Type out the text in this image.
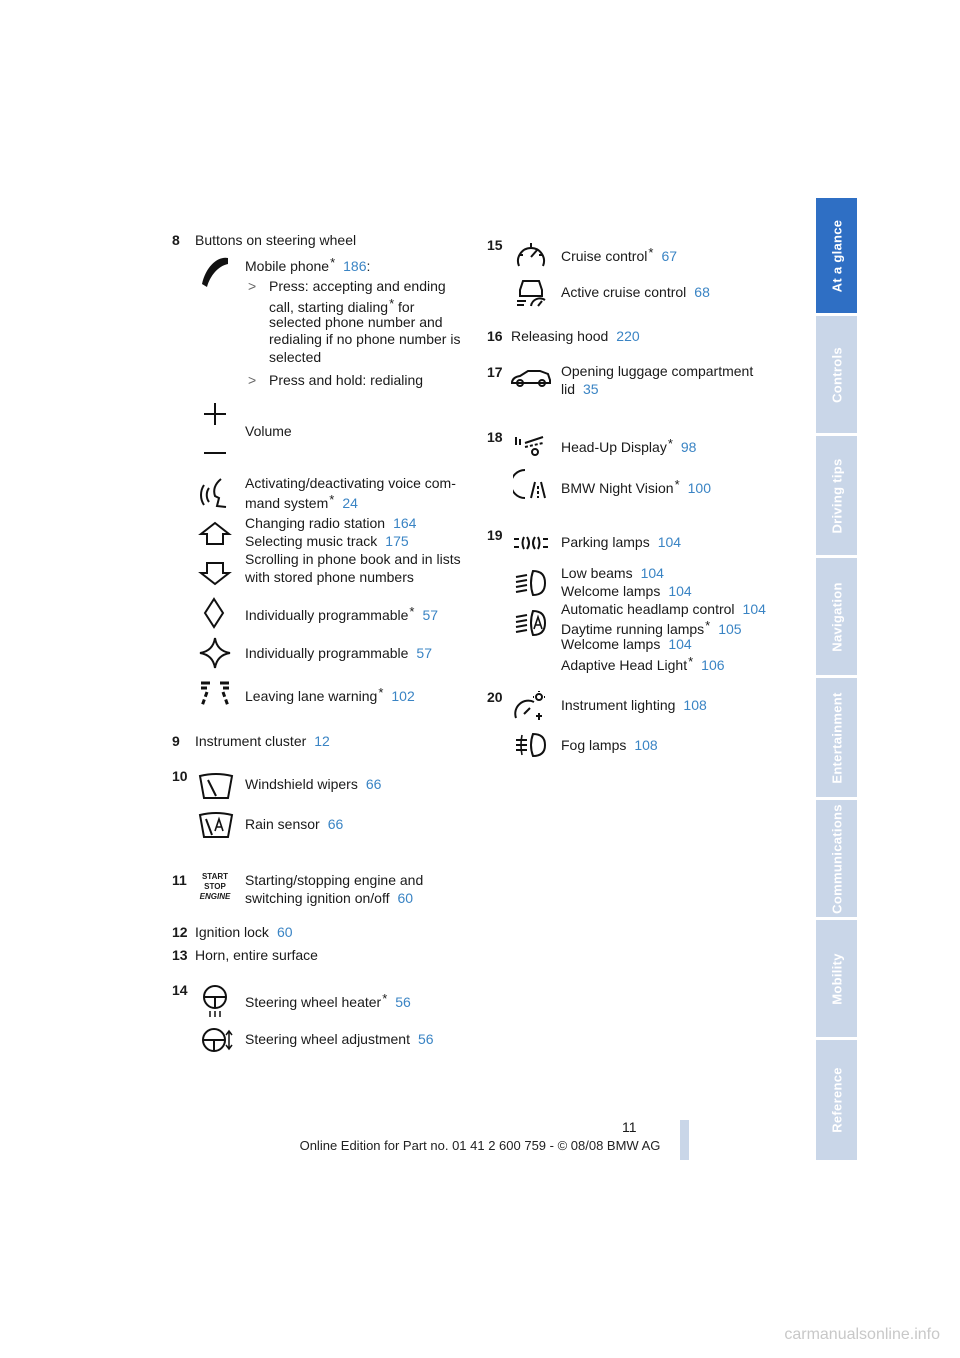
At a glance
Controls
Driving tips
Navigation
Entertainment
Communications
Mobility
Reference
8 Buttons on steering wheel
Mobile phone* 186:
> Press: accepting and ending
call, starting dialing* for
selected phone number and
redialing if no phone number is
selected
> Press and hold: redialing
Volume
Activating/deactivating voice com-
mand system* 24
Changing radio station 164
Selecting music track 175
Scrolling in phone book and in lists
with stored phone numbers
Individually programmable* 57
Individually programmable 57
Leaving lane warning* 102
9 Instrument cluster 12
10	Windshield wipers 66
Rain sensor 66
11	START
STOP
ENGINE
Starting/stopping engine and
switching ignition on/off 60
12 Ignition lock 60
13 Horn, entire surface
14
Steering wheel heater* 56
Steering wheel adjustment 56
15
Cruise control* 67
Active cruise control 68
16 Releasing hood 220
17	Opening luggage compartment
lid 35
18
Head-Up Display* 98
BMW Night Vision* 100
19	Parking lamps 104
Low beams 104
Welcome lamps 104
Automatic headlamp control 104
Daytime running lamps* 105
Welcome lamps 104
Adaptive Head Light* 106
20	Instrument lighting 108
Fog lamps 108
11
Online Edition for Part no. 01 41 2 600 759 - © 08/08 BMW AG
carmanualsonline.info
